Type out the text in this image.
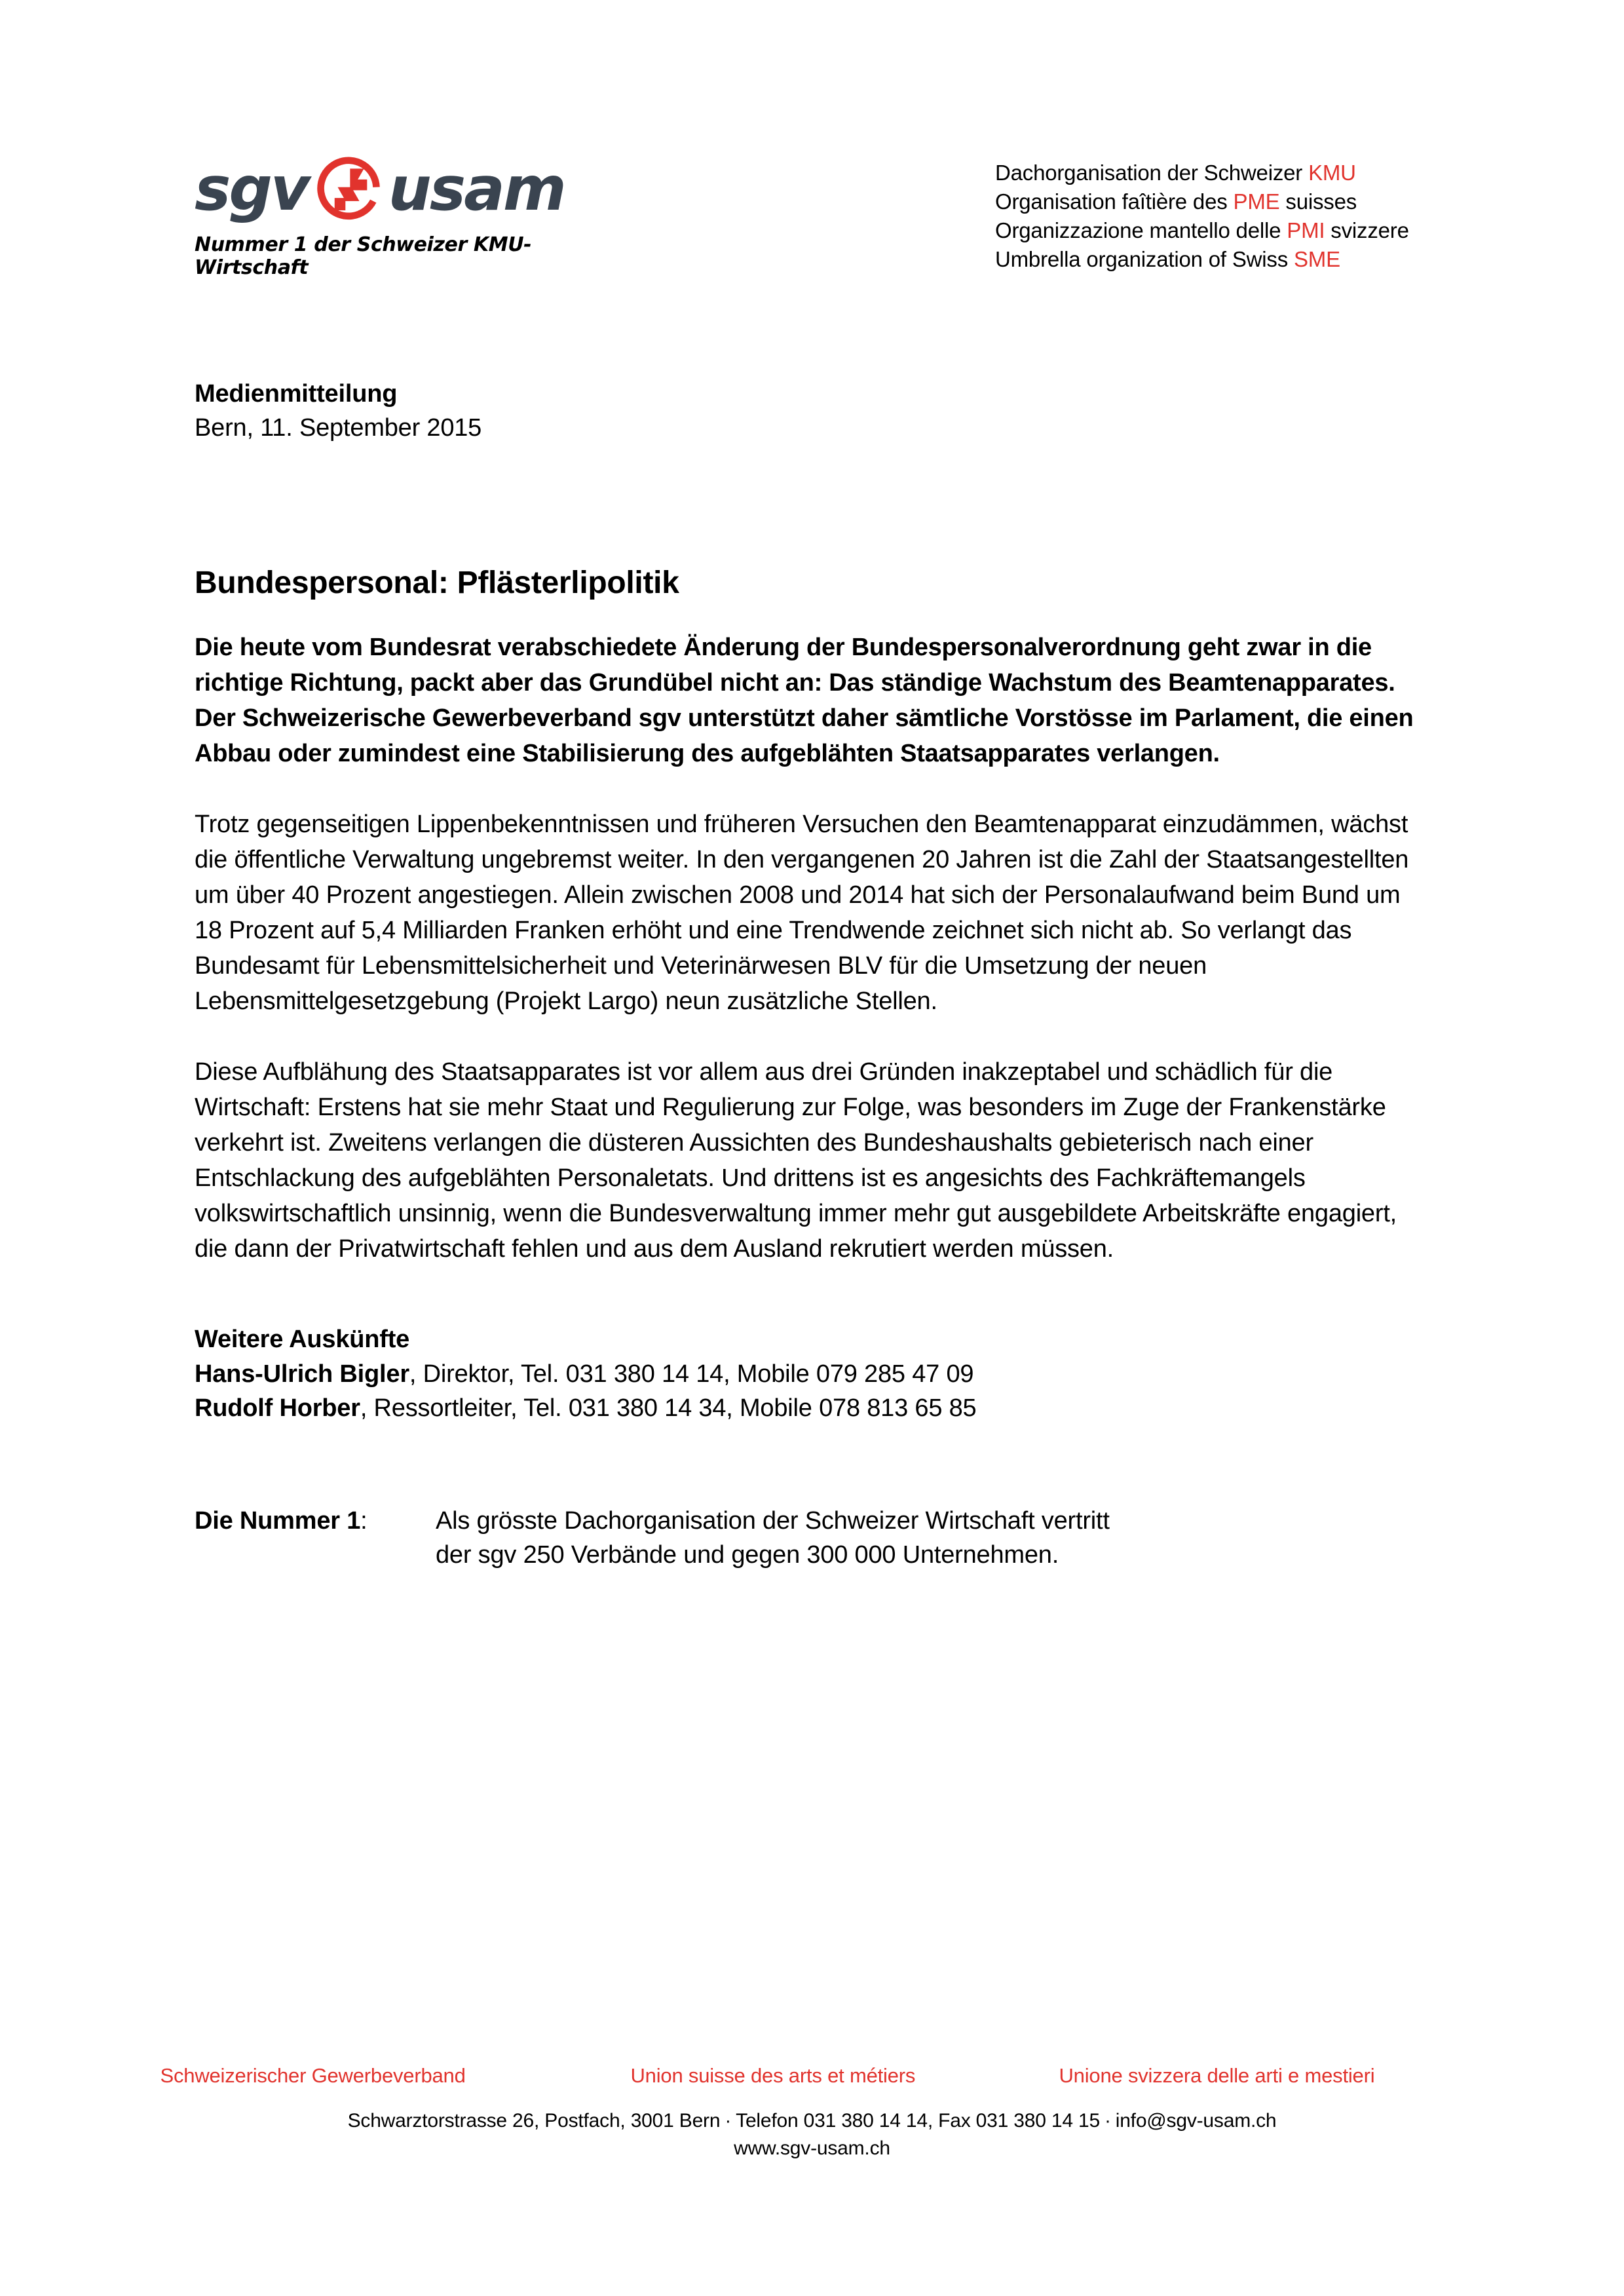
sgv usam
Nummer 1 der Schweizer KMU-Wirtschaft
Dachorganisation der Schweizer KMU
Organisation faîtière des PME suisses
Organizzazione mantello delle PMI svizzere
Umbrella organization of Swiss SME
Medienmitteilung
Bern, 11. September 2015
Bundespersonal: Pflästerlipolitik
Die heute vom Bundesrat verabschiedete Änderung der Bundespersonalverordnung geht zwar in die richtige Richtung, packt aber das Grundübel nicht an: Das ständige Wachstum des Beamtenapparates. Der Schweizerische Gewerbeverband sgv unterstützt daher sämtliche Vorstösse im Parlament, die einen Abbau oder zumindest eine Stabilisierung des aufgeblähten Staatsapparates verlangen.

Trotz gegenseitigen Lippenbekenntnissen und früheren Versuchen den Beamtenapparat einzudämmen, wächst die öffentliche Verwaltung ungebremst weiter. In den vergangenen 20 Jahren ist die Zahl der Staatsangestellten um über 40 Prozent angestiegen. Allein zwischen 2008 und 2014 hat sich der Personalaufwand beim Bund um 18 Prozent auf 5,4 Milliarden Franken erhöht und eine Trendwende zeichnet sich nicht ab. So verlangt das Bundesamt für Lebensmittelsicherheit und Veterinärwesen BLV für die Umsetzung der neuen Lebensmittelgesetzgebung (Projekt Largo) neun zusätzliche Stellen.

Diese Aufblähung des Staatsapparates ist vor allem aus drei Gründen inakzeptabel und schädlich für die Wirtschaft: Erstens hat sie mehr Staat und Regulierung zur Folge, was besonders im Zuge der Frankenstärke verkehrt ist. Zweitens verlangen die düsteren Aussichten des Bundeshaushalts gebieterisch nach einer Entschlackung des aufgeblähten Personaletats. Und drittens ist es angesichts des Fachkräftemangels volkswirtschaftlich unsinnig, wenn die Bundesverwaltung immer mehr gut ausgebildete Arbeitskräfte engagiert, die dann der Privatwirtschaft fehlen und aus dem Ausland rekrutiert werden müssen.

Weitere Auskünfte
Hans-Ulrich Bigler, Direktor, Tel. 031 380 14 14, Mobile 079 285 47 09
Rudolf Horber, Ressortleiter, Tel. 031 380 14 34, Mobile 078 813 65 85
Die Nummer 1:	Als grösste Dachorganisation der Schweizer Wirtschaft vertritt
der sgv 250 Verbände und gegen 300 000 Unternehmen.
Schweizerischer Gewerbeverband	Union suisse des arts et métiers	Unione svizzera delle arti e mestieri
Schwarztorstrasse 26, Postfach, 3001 Bern · Telefon 031 380 14 14, Fax 031 380 14 15 · info@sgv-usam.ch
www.sgv-usam.ch
